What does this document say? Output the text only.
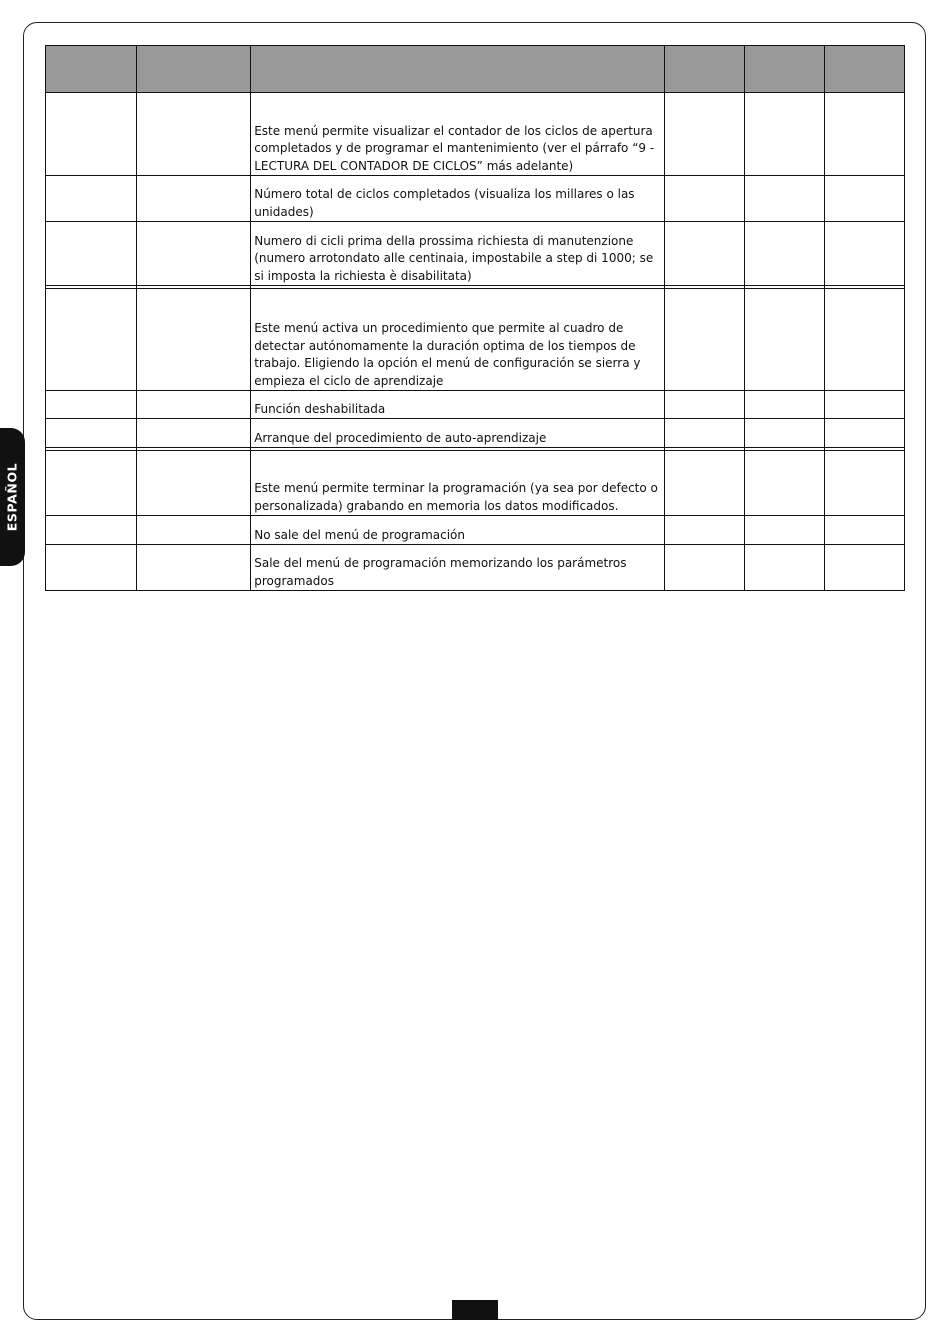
ESPAÑOL

		Este menú permite visualizar el contador de los ciclos de apertura completados y de programar el mantenimiento (ver el párrafo “9 - LECTURA DEL CONTADOR DE CICLOS” más adelante)			
		Número total de ciclos completados (visualiza los millares o las unidades)			
		Numero di cicli prima della prossima richiesta di manutenzione (numero arrotondato alle centinaia, impostabile a step di 1000; se si imposta la richiesta è disabilitata)			

		Este menú activa un procedimiento que permite al cuadro de detectar autónomamente la duración optima de los tiempos de trabajo. Eligiendo la opción el menú de configuración se sierra y empieza el ciclo de aprendizaje			
		Función deshabilitada			
		Arranque del procedimiento de auto-aprendizaje			

		Este menú permite terminar la programación (ya sea por defecto o personalizada) grabando en memoria los datos modificados.			
		No sale del menú de programación			
		Sale del menú de programación memorizando los parámetros programados			
